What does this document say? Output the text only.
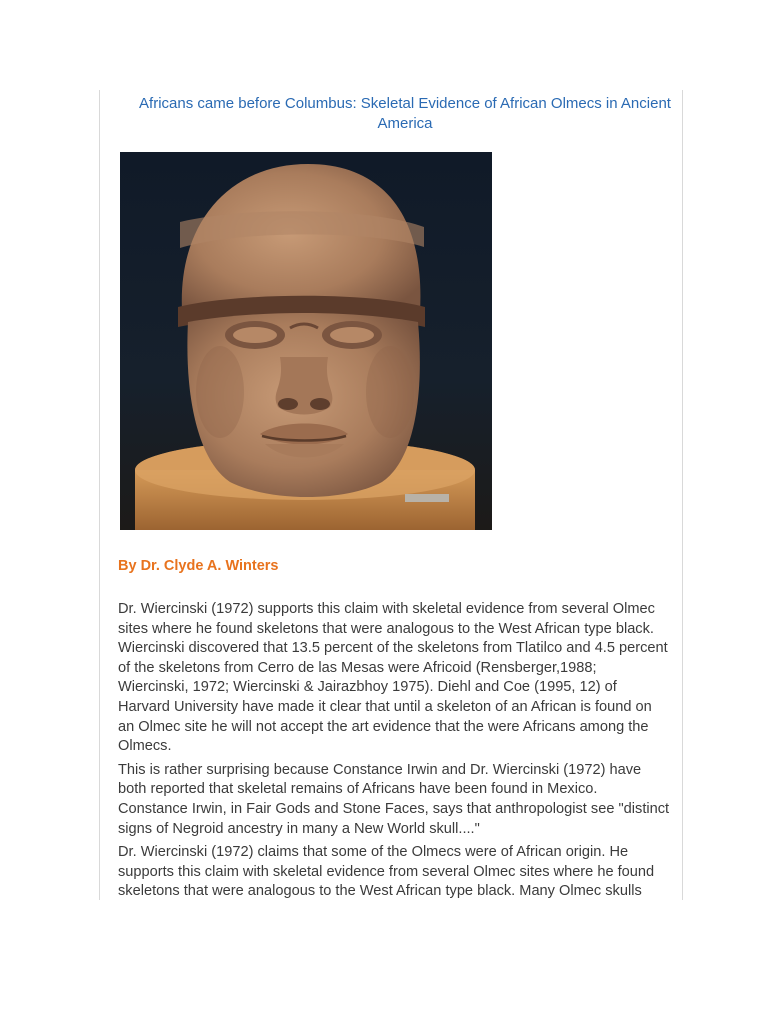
Africans came before Columbus: Skeletal Evidence of African Olmecs in Ancient America

By Dr. Clyde A. Winters

Dr. Wiercinski (1972) supports this claim with skeletal evidence from several Olmec
sites where he found skeletons that were analogous to the West African type black.
Wiercinski discovered that 13.5 percent of the skeletons from Tlatilco and 4.5 percent
of the skeletons from Cerro de las Mesas were Africoid (Rensberger,1988;
Wiercinski, 1972; Wiercinski & Jairazbhoy 1975). Diehl and Coe (1995, 12) of
Harvard University have made it clear that until a skeleton of an African is found on
an Olmec site he will not accept the art evidence that the were Africans among the
Olmecs.

This is rather surprising because Constance Irwin and Dr. Wiercinski (1972) have
both reported that skeletal remains of Africans have been found in Mexico.
Constance Irwin, in Fair Gods and Stone Faces, says that anthropologist see "distinct
signs of Negroid ancestry in many a New World skull...."

Dr. Wiercinski (1972) claims that some of the Olmecs were of African origin. He
supports this claim with skeletal evidence from several Olmec sites where he found
skeletons that were analogous to the West African type black. Many Olmec skulls
